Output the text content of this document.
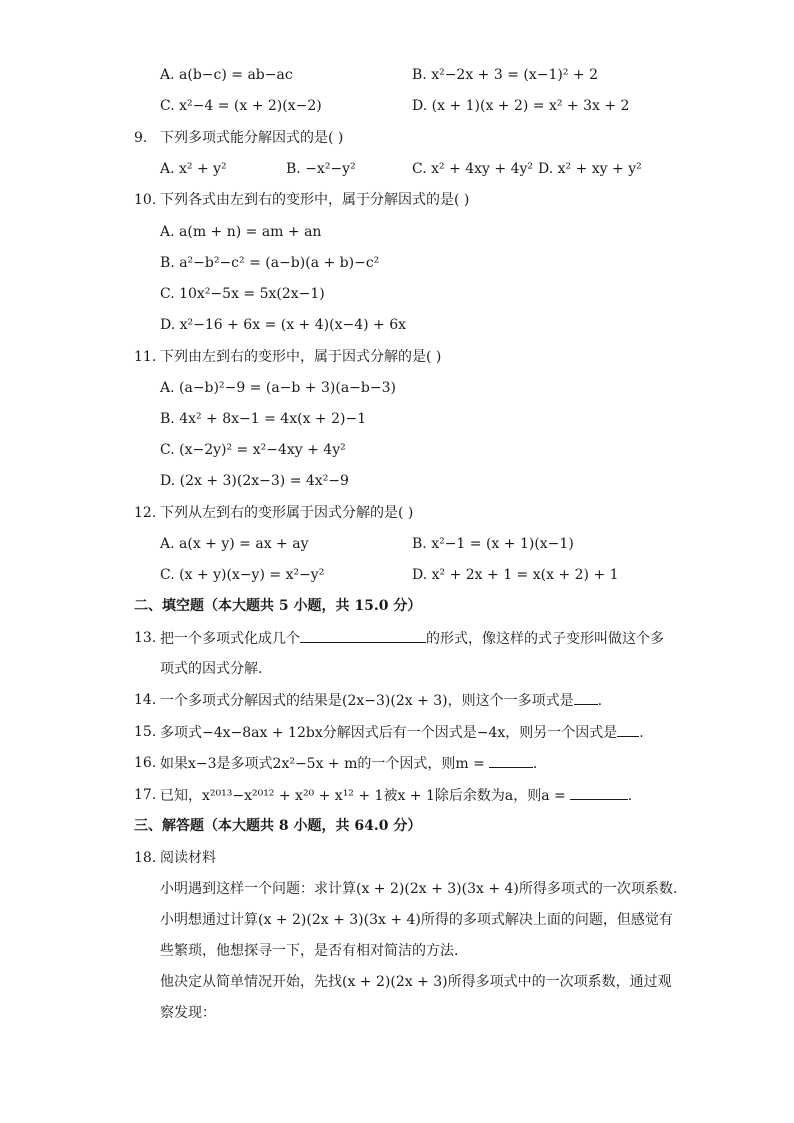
A. a(b−c) = ab−ac	B. x²−2x + 3 = (x−1)² + 2
C. x²−4 = (x + 2)(x−2)	D. (x + 1)(x + 2) = x² + 3x + 2
9. 下列多项式能分解因式的是( )
A. x² + y²	B. −x²−y²	C. x² + 4xy + 4y² D. x² + xy + y²
10. 下列各式由左到右的变形中，属于分解因式的是( )
A. a(m + n) = am + an
B. a²−b²−c² = (a−b)(a + b)−c²
C. 10x²−5x = 5x(2x−1)
D. x²−16 + 6x = (x + 4)(x−4) + 6x
11. 下列由左到右的变形中，属于因式分解的是( )
A. (a−b)²−9 = (a−b + 3)(a−b−3)
B. 4x² + 8x−1 = 4x(x + 2)−1
C. (x−2y)² = x²−4xy + 4y²
D. (2x + 3)(2x−3) = 4x²−9
12. 下列从左到右的变形属于因式分解的是( )
A. a(x + y) = ax + ay	B. x²−1 = (x + 1)(x−1)
C. (x + y)(x−y) = x²−y²	D. x² + 2x + 1 = x(x + 2) + 1
二、填空题（本大题共 5 小题，共 15.0 分）
13. 把一个多项式化成几个	的形式，像这样的式子变形叫做这个多
项式的因式分解.
14. 一个多项式分解因式的结果是(2x−3)(2x + 3)，则这个一多项式是 .
15. 多项式−4x−8ax + 12bx分解因式后有一个因式是−4x，则另一个因式是 .
16. 如果x−3是多项式2x²−5x + m的一个因式，则m =	.
17. 已知，x²⁰¹³−x²⁰¹² + x²⁰ + x¹² + 1被x + 1除后余数为a，则a =	.
三、解答题（本大题共 8 小题，共 64.0 分）
18. 阅读材料
小明遇到这样一个问题：求计算(x + 2)(2x + 3)(3x + 4)所得多项式的一次项系数.
小明想通过计算(x + 2)(2x + 3)(3x + 4)所得的多项式解决上面的问题，但感觉有
些繁琐，他想探寻一下，是否有相对简洁的方法.
他决定从简单情况开始，先找(x + 2)(2x + 3)所得多项式中的一次项系数，通过观
察发现：
